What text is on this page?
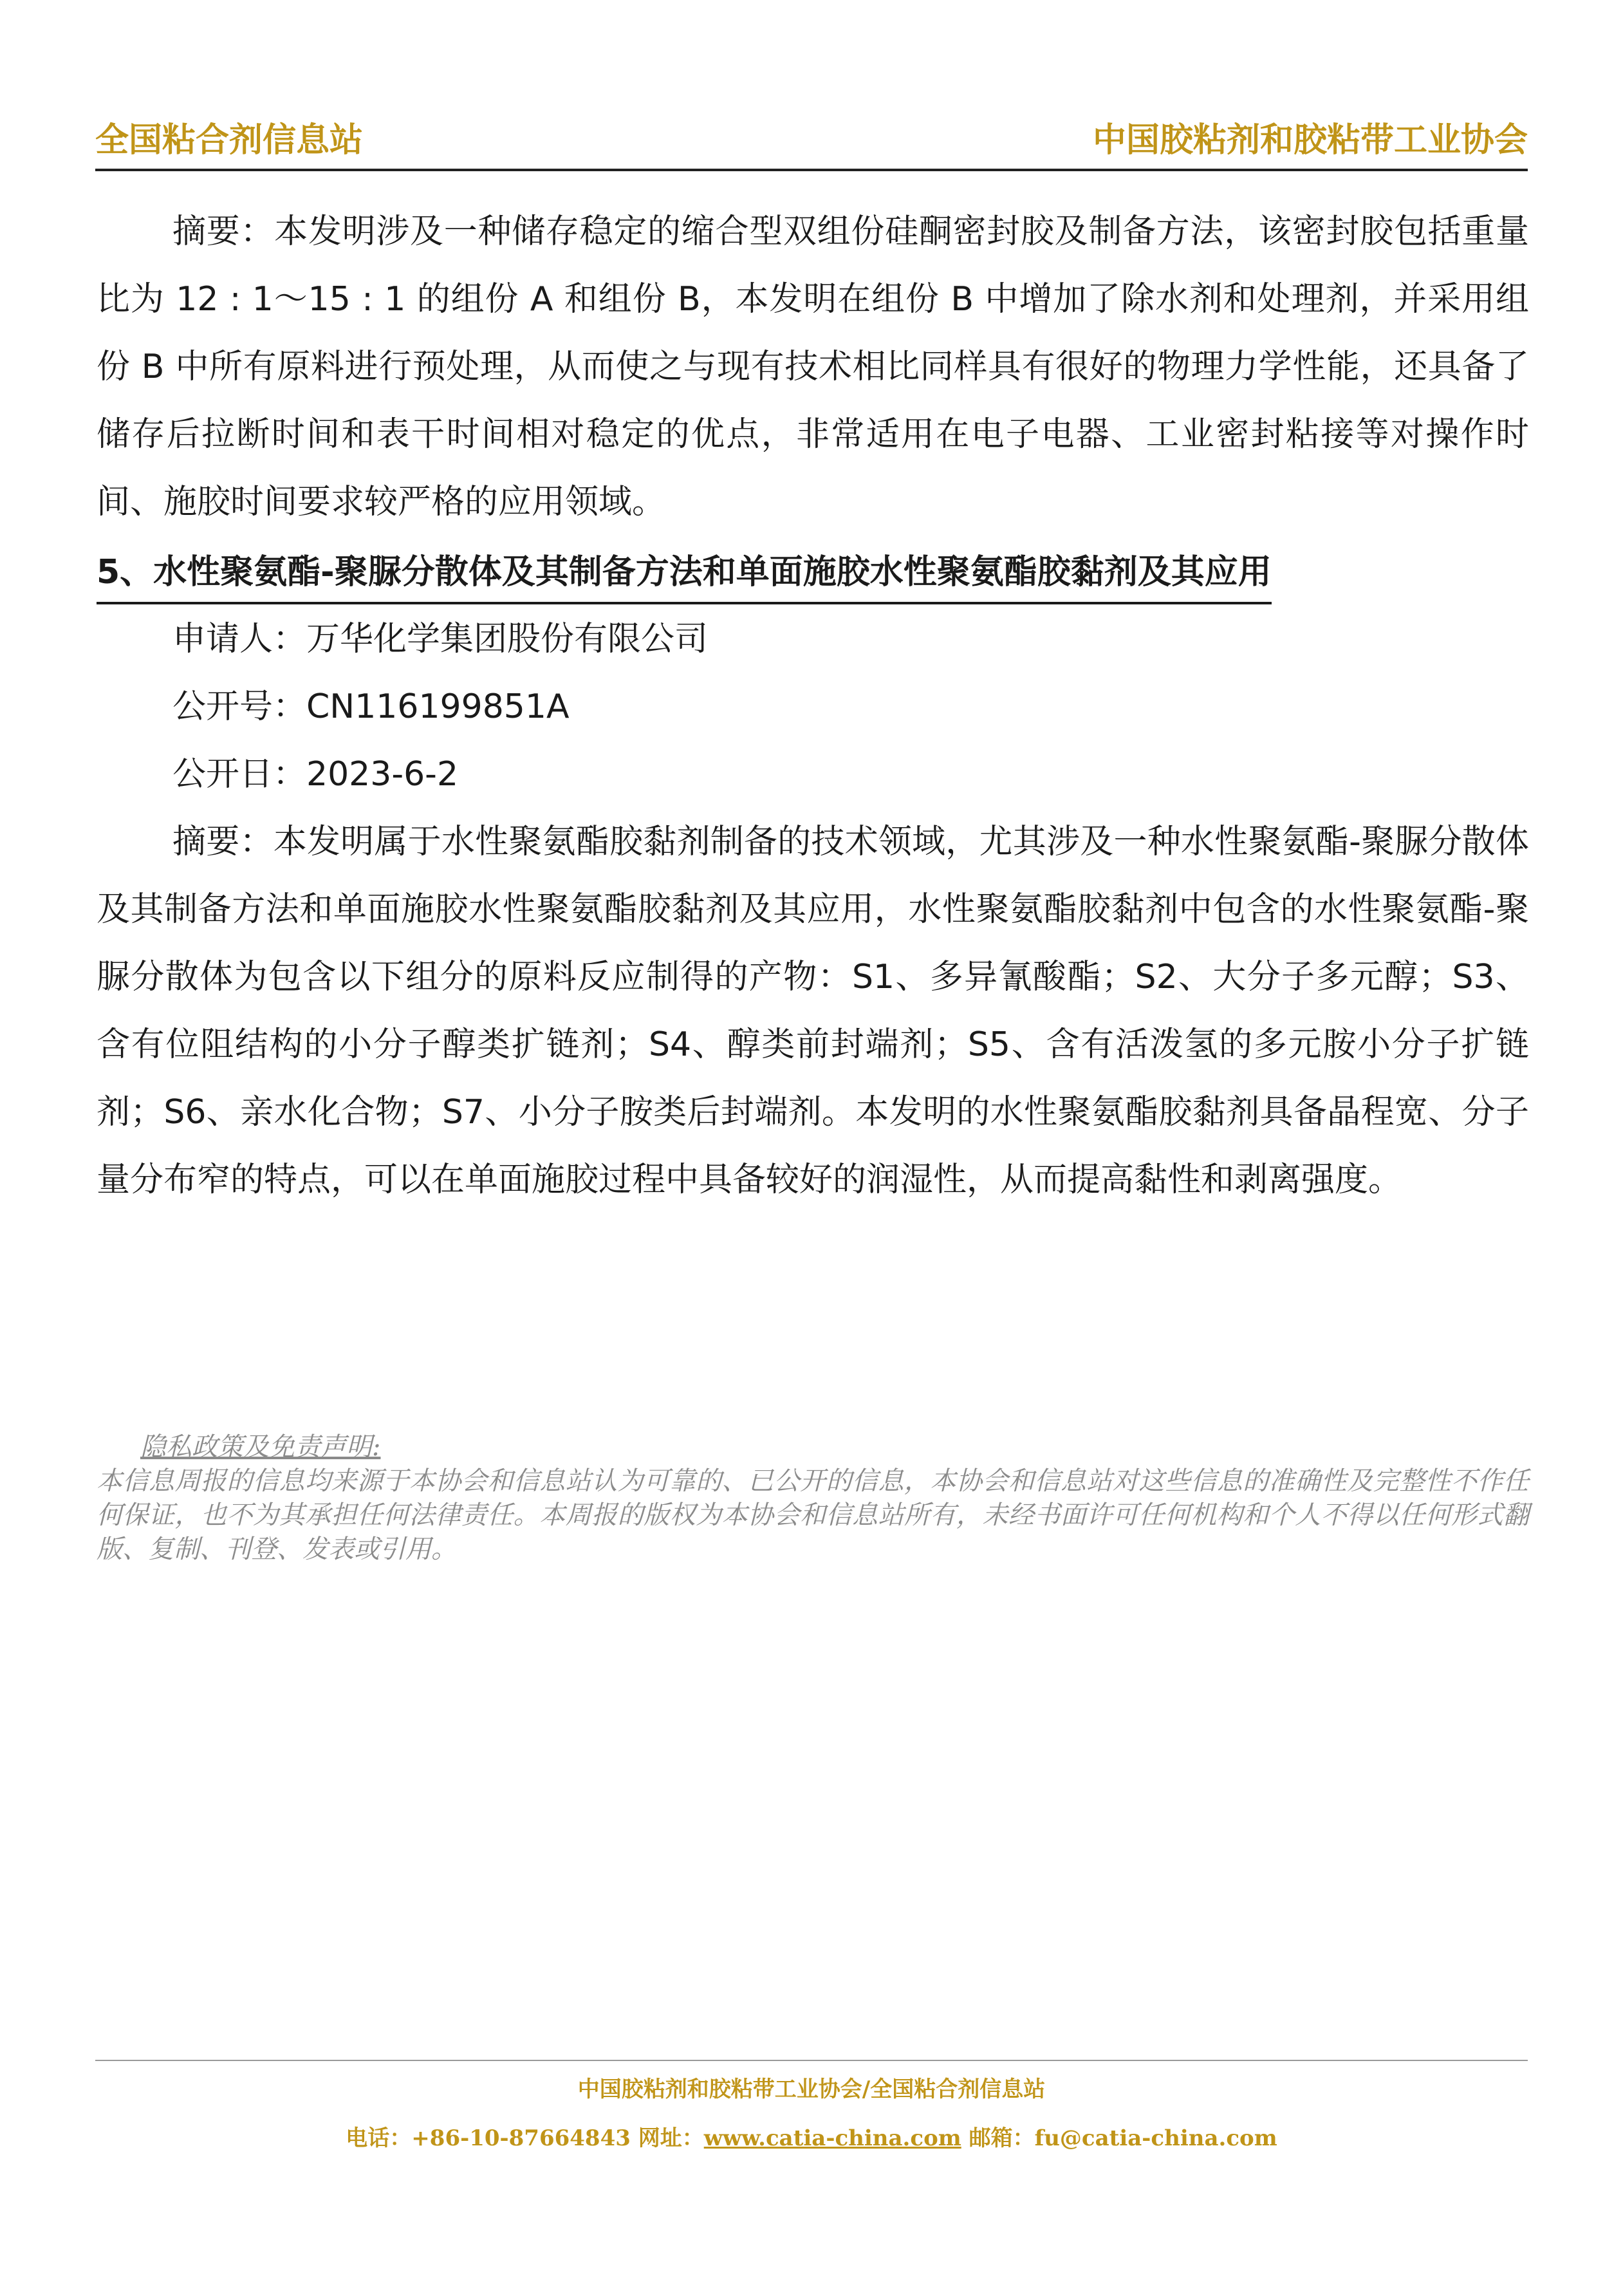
全国粘合剂信息站	中国胶粘剂和胶粘带工业协会

摘要：本发明涉及一种储存稳定的缩合型双组份硅酮密封胶及制备方法，该密封胶包括重量比为 12 : 1～15 : 1 的组份 A 和组份 B，本发明在组份 B 中增加了除水剂和处理剂，并采用组份 B 中所有原料进行预处理，从而使之与现有技术相比同样具有很好的物理力学性能，还具备了储存后拉断时间和表干时间相对稳定的优点，非常适用在电子电器、工业密封粘接等对操作时间、施胶时间要求较严格的应用领域。

5、水性聚氨酯-聚脲分散体及其制备方法和单面施胶水性聚氨酯胶黏剂及其应用

申请人：万华化学集团股份有限公司

公开号：CN116199851A

公开日：2023-6-2

摘要：本发明属于水性聚氨酯胶黏剂制备的技术领域，尤其涉及一种水性聚氨酯-聚脲分散体及其制备方法和单面施胶水性聚氨酯胶黏剂及其应用，水性聚氨酯胶黏剂中包含的水性聚氨酯-聚脲分散体为包含以下组分的原料反应制得的产物：S1、多异氰酸酯；S2、大分子多元醇；S3、含有位阻结构的小分子醇类扩链剂；S4、醇类前封端剂；S5、含有活泼氢的多元胺小分子扩链剂；S6、亲水化合物；S7、小分子胺类后封端剂。本发明的水性聚氨酯胶黏剂具备晶程宽、分子量分布窄的特点，可以在单面施胶过程中具备较好的润湿性，从而提高黏性和剥离强度。

隐私政策及免责声明:
本信息周报的信息均来源于本协会和信息站认为可靠的、已公开的信息，本协会和信息站对这些信息的准确性及完整性不作任何保证，也不为其承担任何法律责任。本周报的版权为本协会和信息站所有，未经书面许可任何机构和个人不得以任何形式翻版、复制、刊登、发表或引用。
中国胶粘剂和胶粘带工业协会/全国粘合剂信息站
电话：+86-10-87664843 网址：www.catia-china.com 邮箱：fu@catia-china.com
